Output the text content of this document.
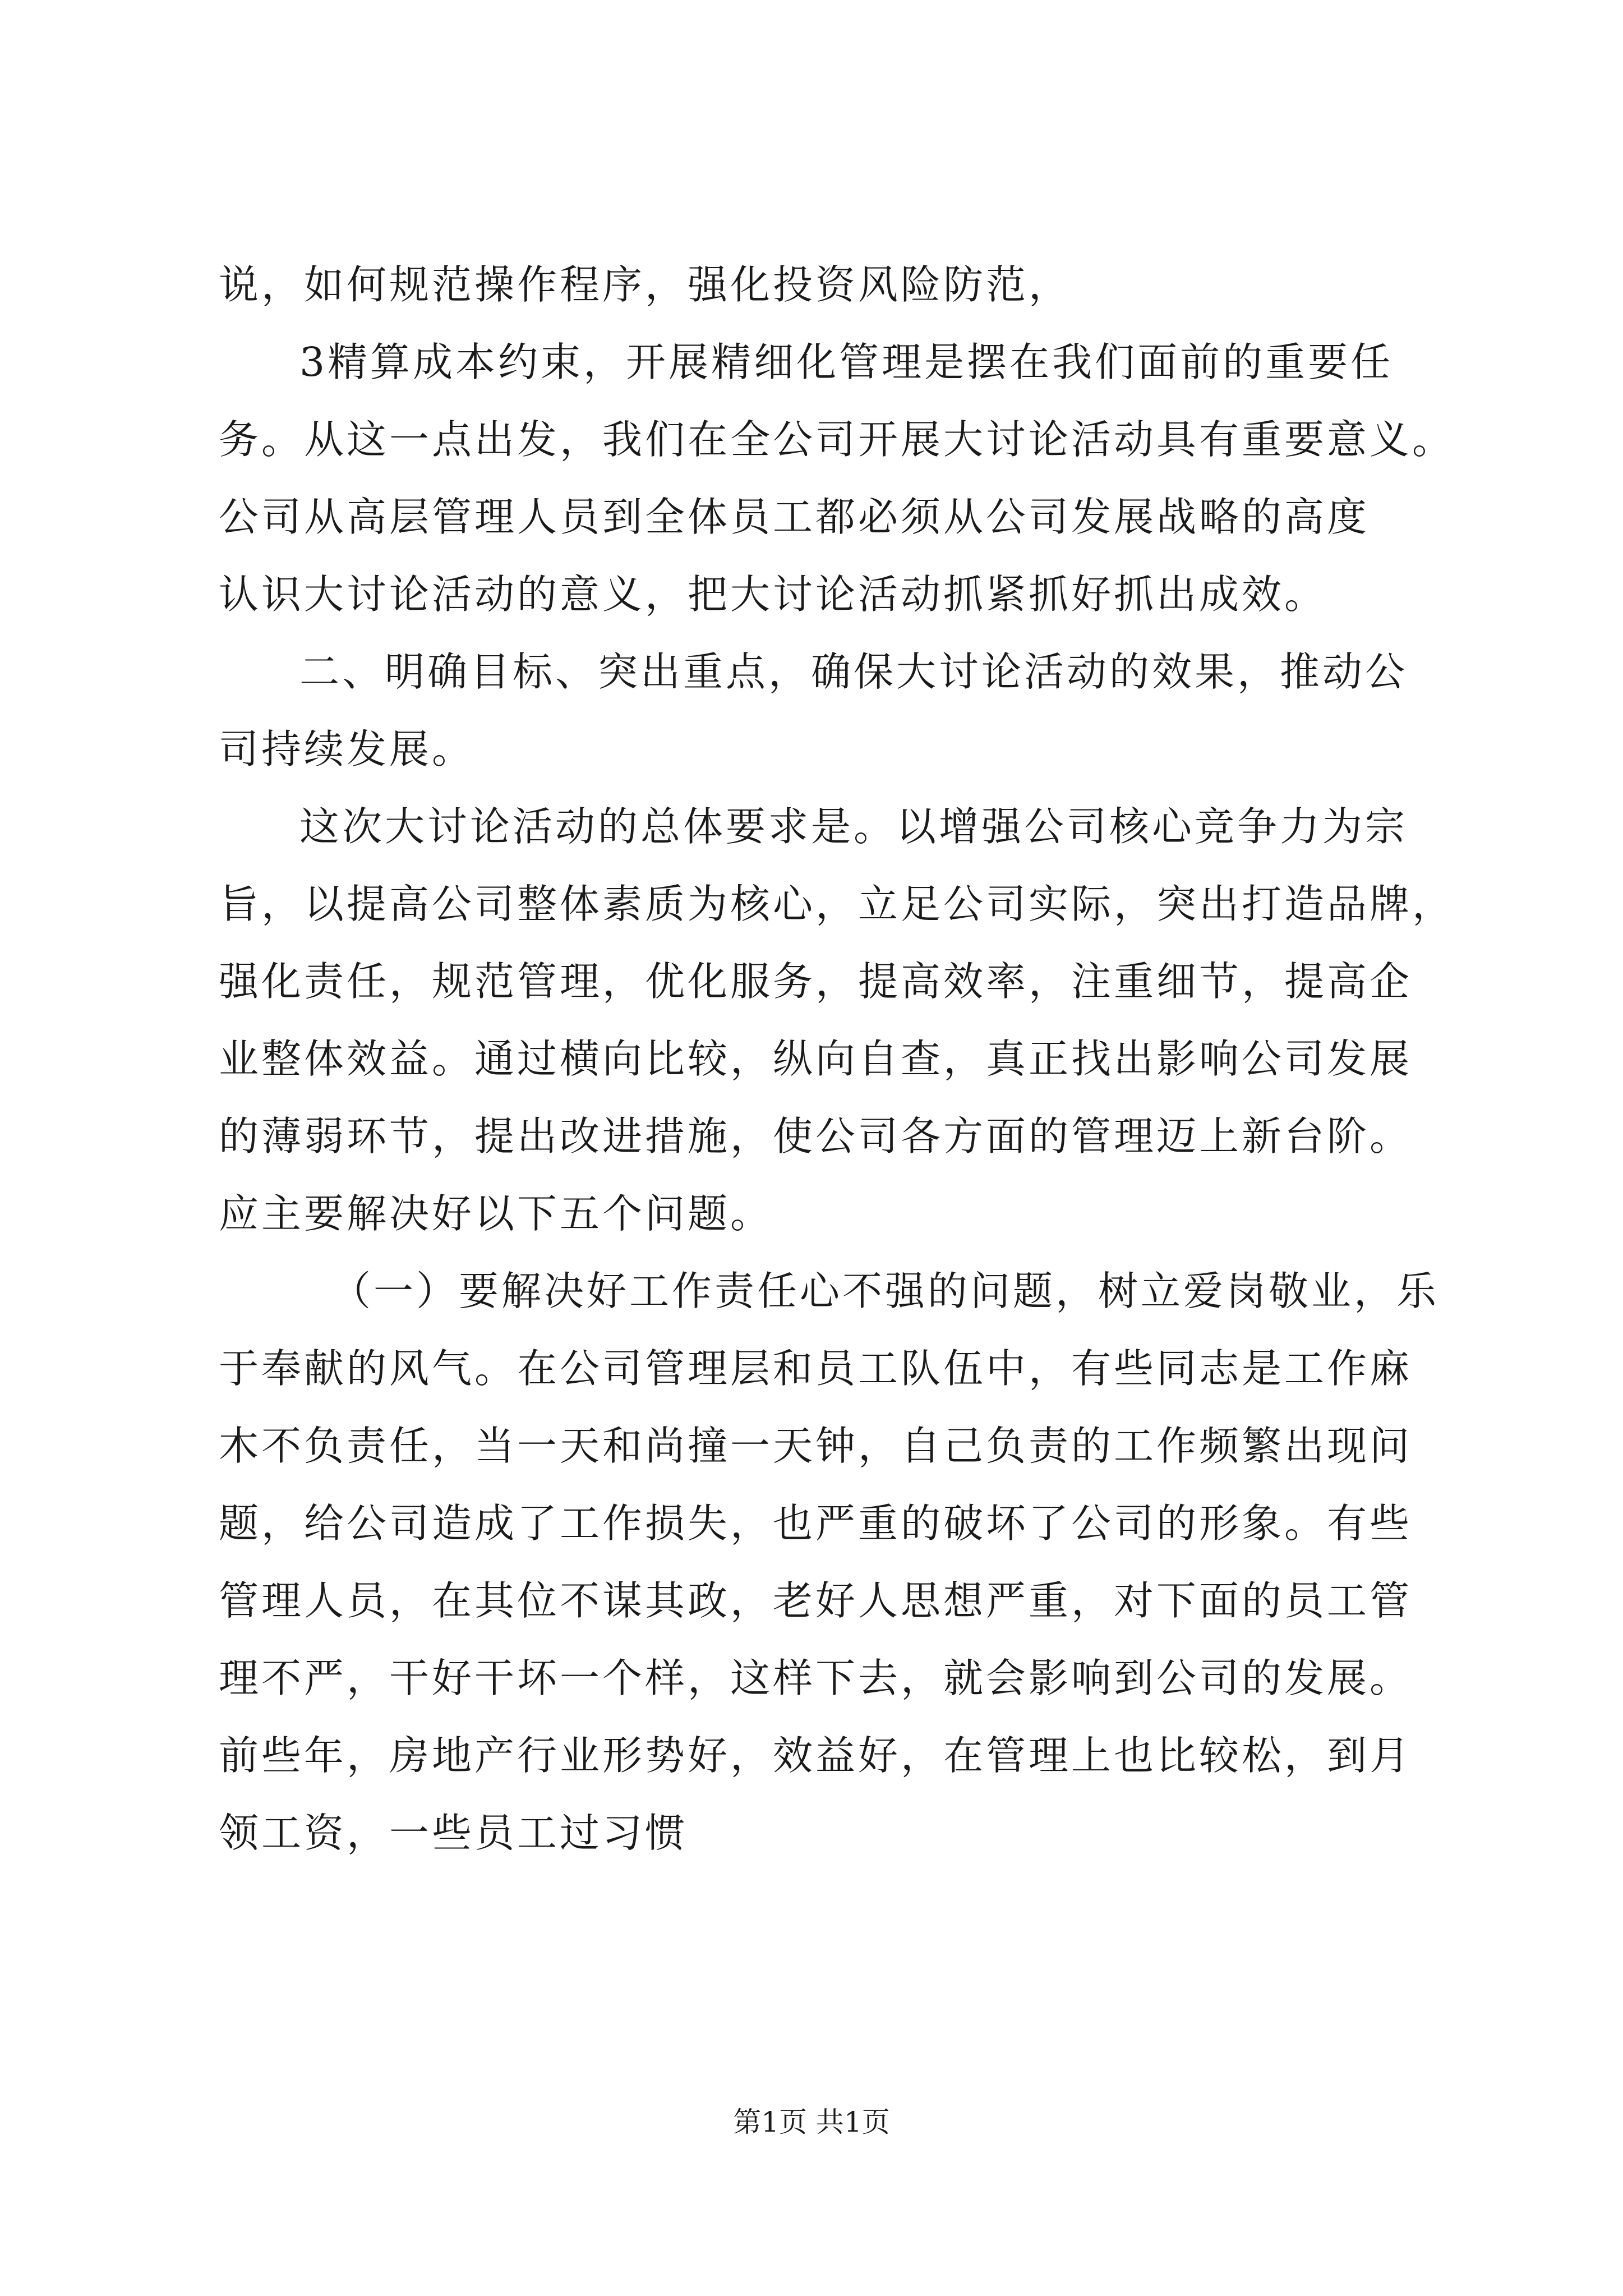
说，如何规范操作程序，强化投资风险防范，
3精算成本约束，开展精细化管理是摆在我们面前的重要任
务。从这一点出发，我们在全公司开展大讨论活动具有重要意义。
公司从高层管理人员到全体员工都必须从公司发展战略的高度
认识大讨论活动的意义，把大讨论活动抓紧抓好抓出成效。
二、明确目标、突出重点，确保大讨论活动的效果，推动公
司持续发展。
这次大讨论活动的总体要求是。以增强公司核心竞争力为宗
旨，以提高公司整体素质为核心，立足公司实际，突出打造品牌，
强化责任，规范管理，优化服务，提高效率，注重细节，提高企
业整体效益。通过横向比较，纵向自查，真正找出影响公司发展
的薄弱环节，提出改进措施，使公司各方面的管理迈上新台阶。
应主要解决好以下五个问题。
（一）要解决好工作责任心不强的问题，树立爱岗敬业，乐
于奉献的风气。在公司管理层和员工队伍中，有些同志是工作麻
木不负责任，当一天和尚撞一天钟，自己负责的工作频繁出现问
题，给公司造成了工作损失，也严重的破坏了公司的形象。有些
管理人员，在其位不谋其政，老好人思想严重，对下面的员工管
理不严，干好干坏一个样，这样下去，就会影响到公司的发展。
前些年，房地产行业形势好，效益好，在管理上也比较松，到月
领工资，一些员工过习惯
第1页 共1页
